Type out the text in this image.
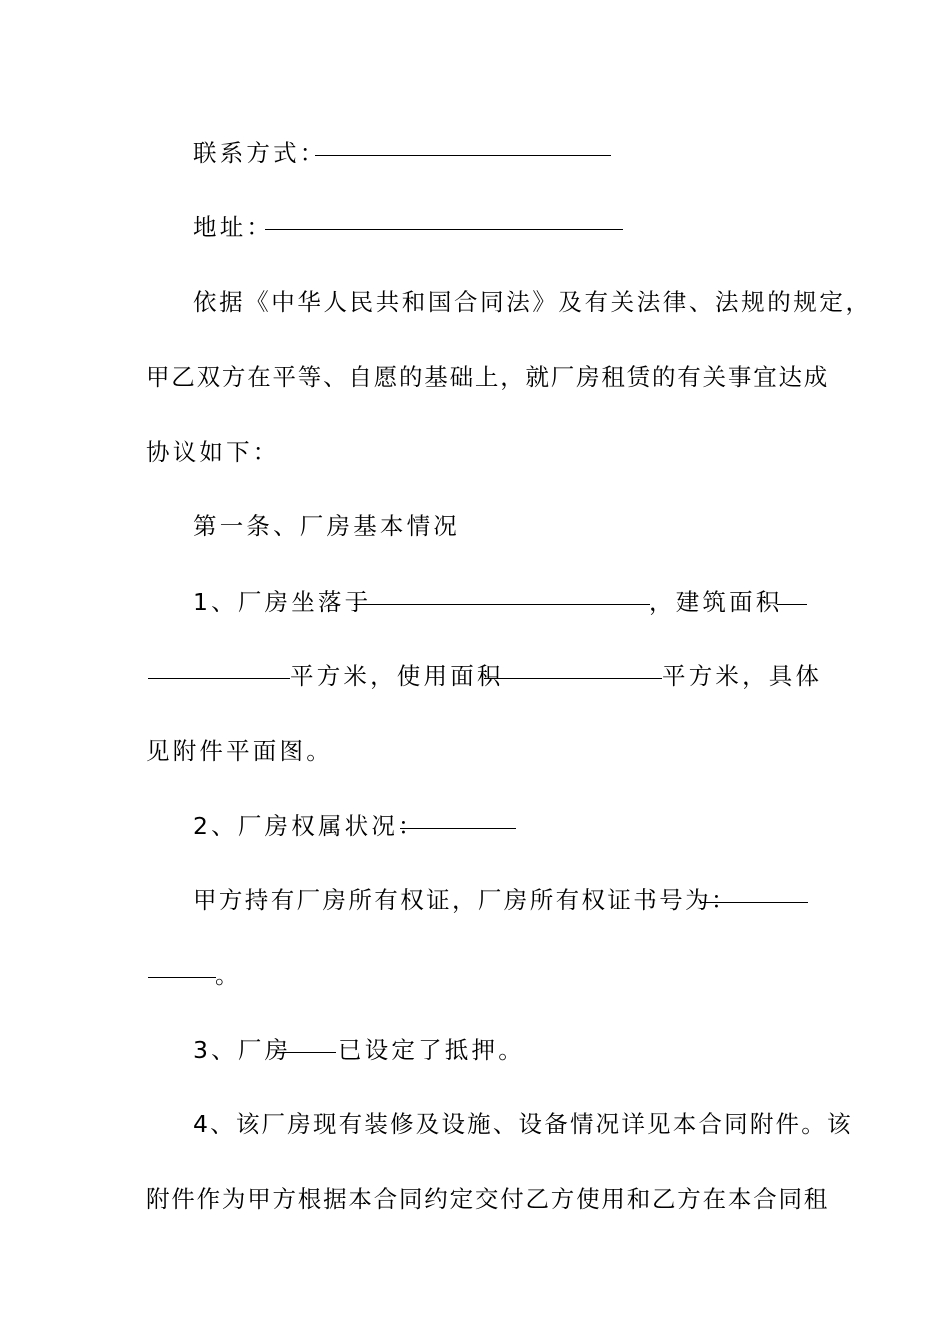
联系方式：
地址：
依据《中华人民共和国合同法》及有关法律、法规的规定，
甲乙双方在平等、自愿的基础上，就厂房租赁的有关事宜达成
协议如下：
第一条、厂房基本情况
1、厂房坐落于	，建筑面积
平方米，使用面积	平方米，具体
见附件平面图。
2、厂房权属状况：
甲方持有厂房所有权证，厂房所有权证书号为：
。
3、厂房 已设定了抵押。
4、该厂房现有装修及设施、设备情况详见本合同附件。该
附件作为甲方根据本合同约定交付乙方使用和乙方在本合同租
